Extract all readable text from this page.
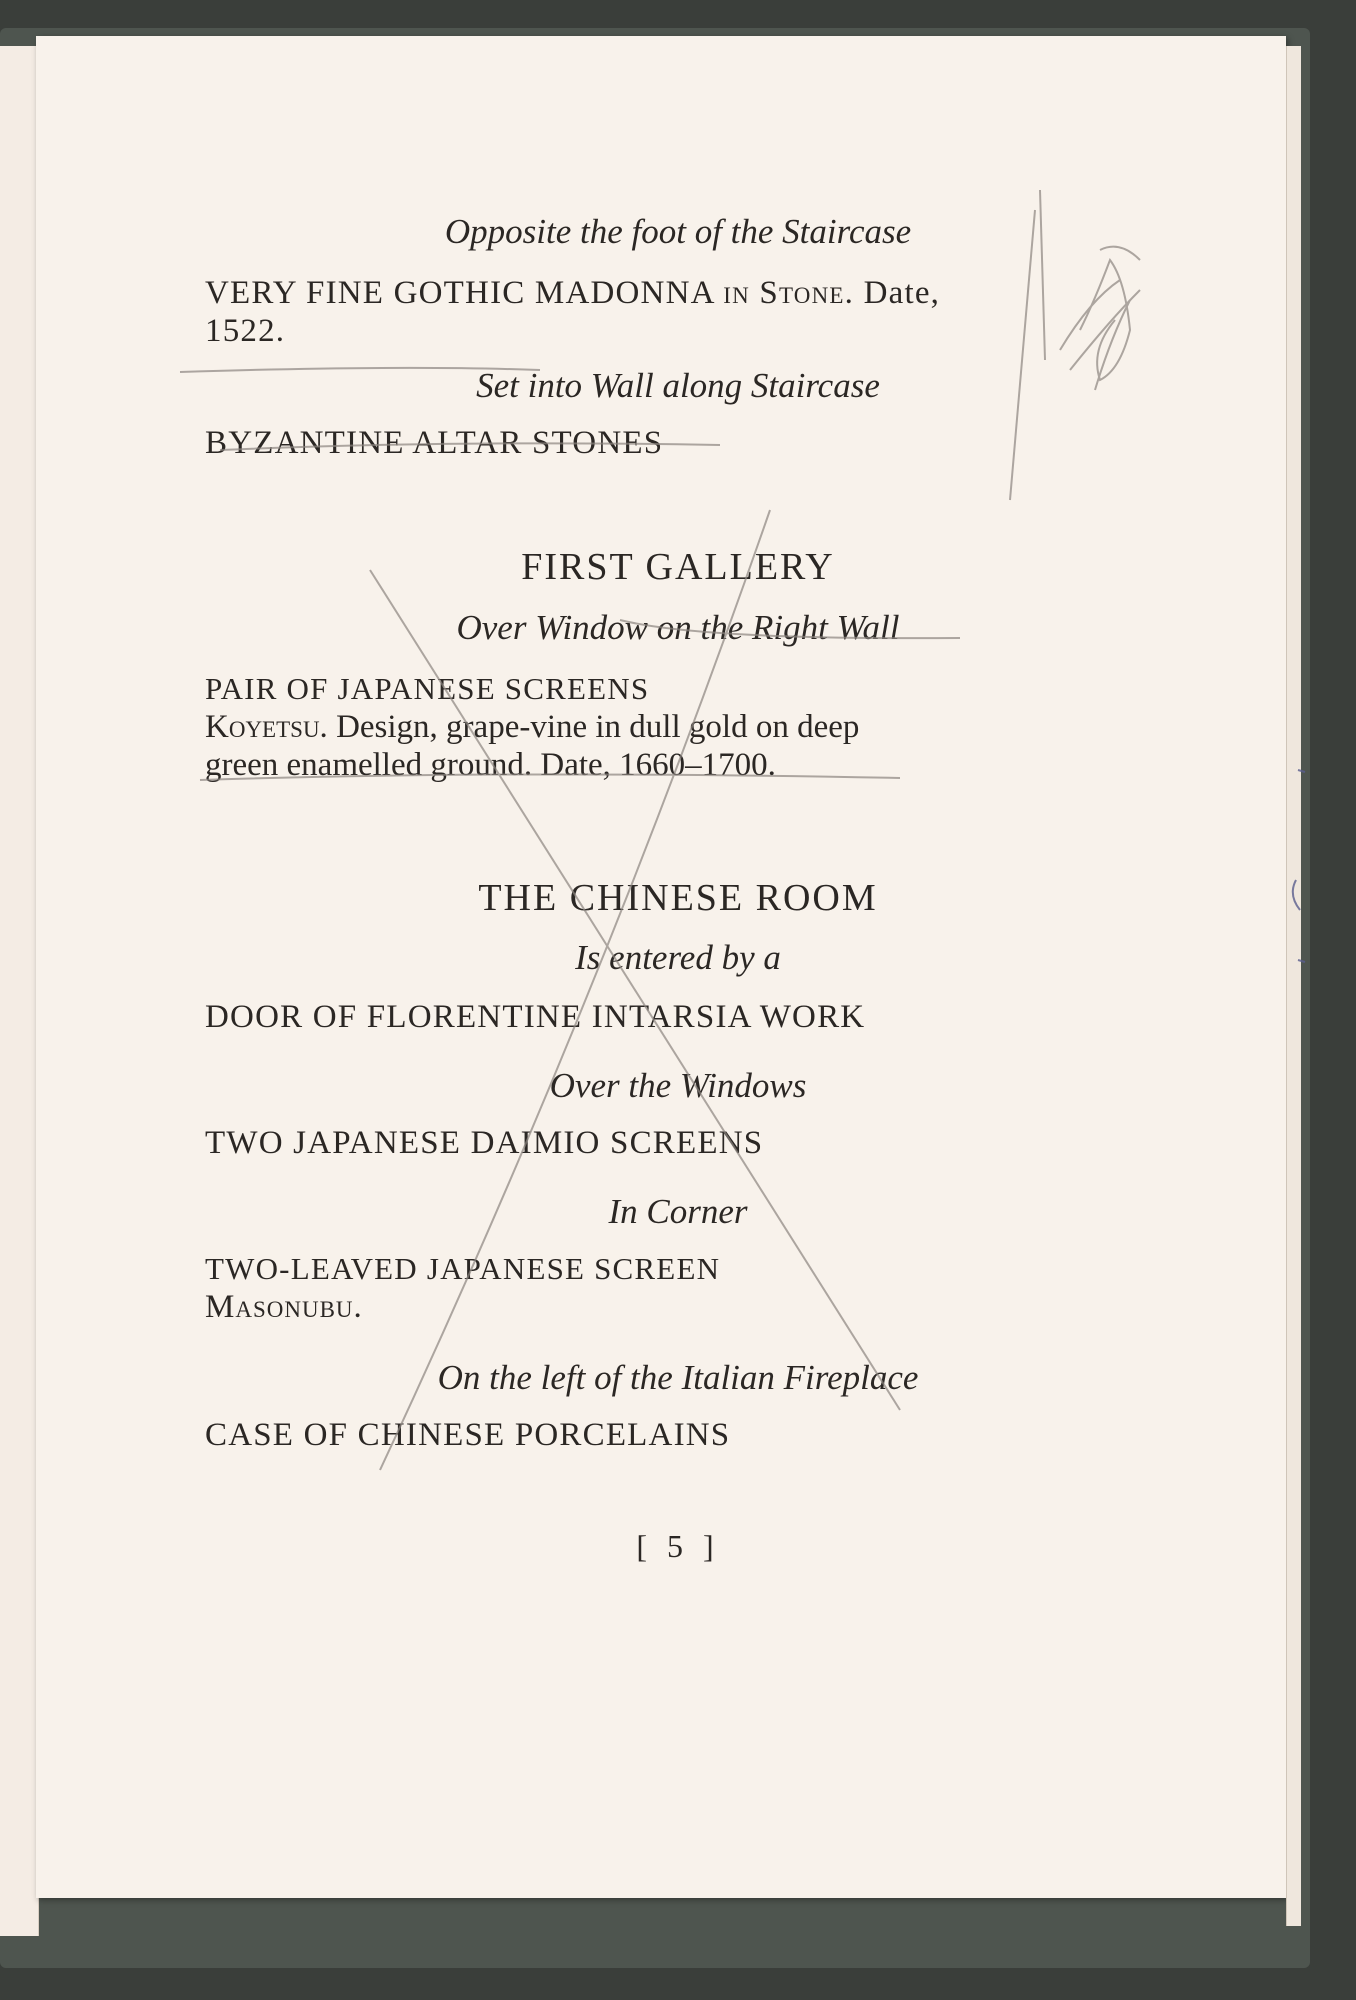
Opposite the foot of the Staircase
VERY FINE GOTHIC MADONNA in Stone. Date,
1522.
Set into Wall along Staircase
BYZANTINE ALTAR STONES
FIRST GALLERY
Over Window on the Right Wall
PAIR OF JAPANESE SCREENS
Koyetsu. Design, grape-vine in dull gold on deep
green enamelled ground. Date, 1660–1700.
THE CHINESE ROOM
Is entered by a
DOOR OF FLORENTINE INTARSIA WORK
Over the Windows
TWO JAPANESE DAIMIO SCREENS
In Corner
TWO-LEAVED JAPANESE SCREEN
Masonubu.
On the left of the Italian Fireplace
CASE OF CHINESE PORCELAINS
[ 5 ]
